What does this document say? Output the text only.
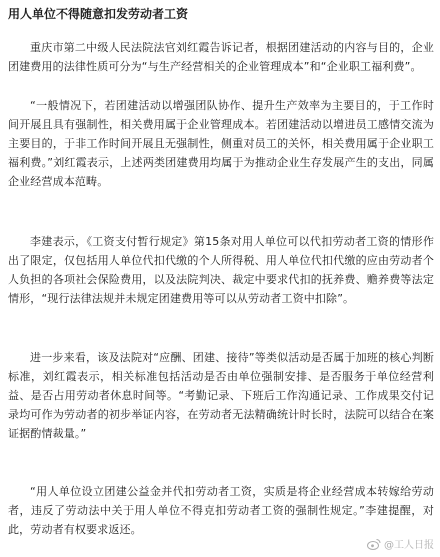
用人单位不得随意扣发劳动者工资

重庆市第二中级人民法院法官刘红霞告诉记者，根据团建活动的内容与目的，企业团建费用的法律性质可分为“与生产经营相关的企业管理成本”和“企业职工福利费”。

“一般情况下，若团建活动以增强团队协作、提升生产效率为主要目的，于工作时间开展且具有强制性，相关费用属于企业管理成本。若团建活动以增进员工感情交流为主要目的，于非工作时间开展且无强制性，侧重对员工的关怀，相关费用属于企业职工福利费。”刘红霞表示，上述两类团建费用均属于为推动企业生存发展产生的支出，同属企业经营成本范畴。

李建表示，《工资支付暂行规定》第15条对用人单位可以代扣劳动者工资的情形作出了限定，仅包括用人单位代扣代缴的个人所得税、用人单位代扣代缴的应由劳动者个人负担的各项社会保险费用，以及法院判决、裁定中要求代扣的抚养费、赡养费等法定情形，“现行法律法规并未规定团建费用等可以从劳动者工资中扣除”。

进一步来看，该及法院对“应酬、团建、接待”等类似活动是否属于加班的核心判断标准，刘红霞表示，相关标准包括活动是否由单位强制安排、是否服务于单位经营利益、是否占用劳动者休息时间等。“考勤记录、下班后工作沟通记录、工作成果交付记录均可作为劳动者的初步举证内容，在劳动者无法精确统计时长时，法院可以结合在案证据酌情裁量。”

“用人单位设立团建公益金并代扣劳动者工资，实质是将企业经营成本转嫁给劳动者，违反了劳动法中关于用人单位不得克扣劳动者工资的强制性规定。”李建提醒，对此，劳动者有权要求返还。

@工人日报
